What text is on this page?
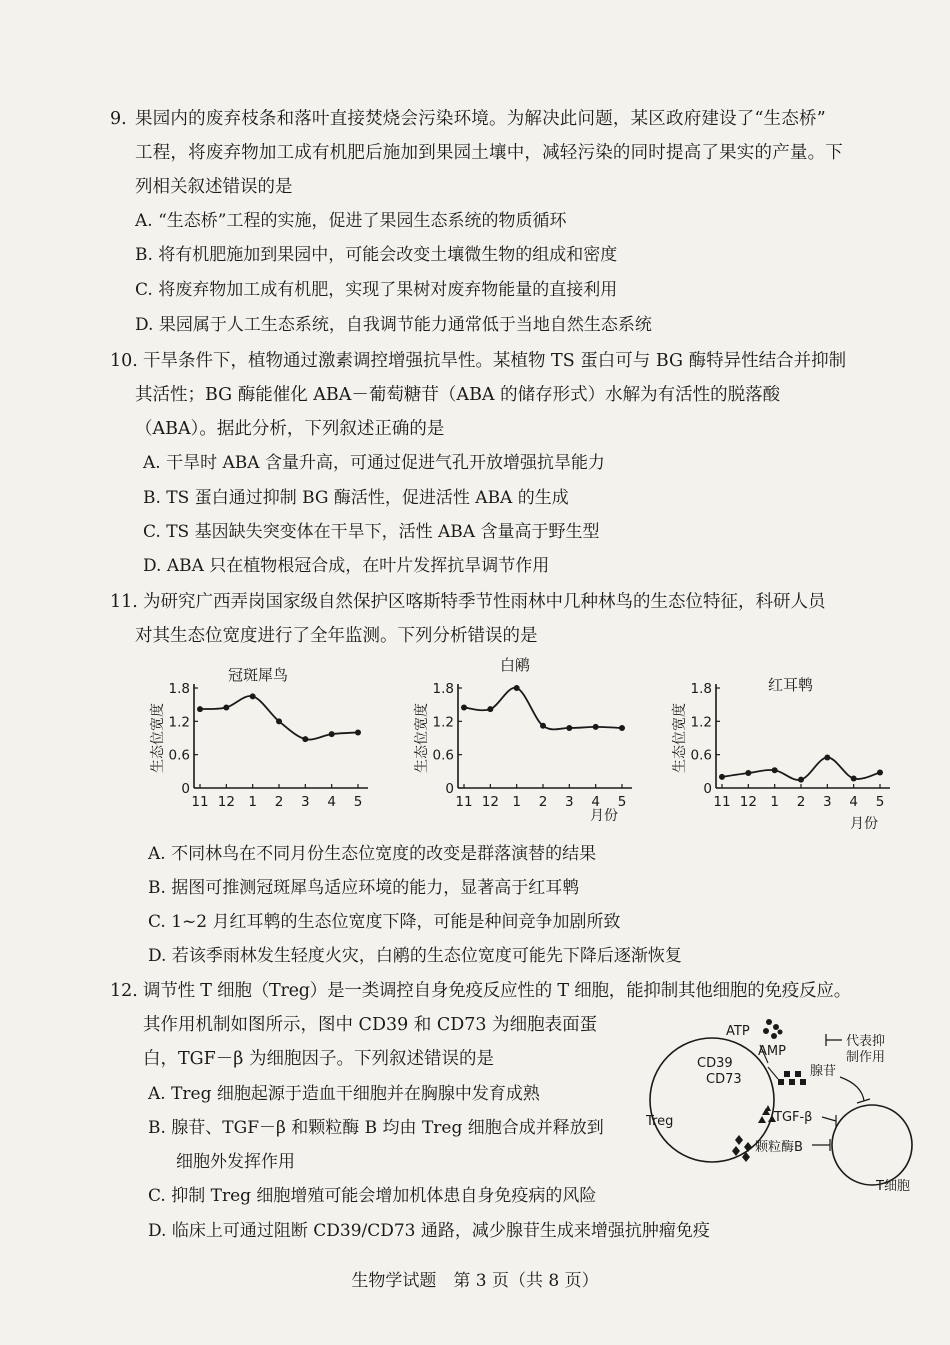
9. 果园内的废弃枝条和落叶直接焚烧会污染环境。为解决此问题，某区政府建设了“生态桥”
工程，将废弃物加工成有机肥后施加到果园土壤中，减轻污染的同时提高了果实的产量。下
列相关叙述错误的是
A. “生态桥”工程的实施，促进了果园生态系统的物质循环
B. 将有机肥施加到果园中，可能会改变土壤微生物的组成和密度
C. 将废弃物加工成有机肥，实现了果树对废弃物能量的直接利用
D. 果园属于人工生态系统，自我调节能力通常低于当地自然生态系统
10. 干旱条件下，植物通过激素调控增强抗旱性。某植物 TS 蛋白可与 BG 酶特异性结合并抑制
其活性；BG 酶能催化 ABA－葡萄糖苷（ABA 的储存形式）水解为有活性的脱落酸
（ABA）。据此分析，下列叙述正确的是
A. 干旱时 ABA 含量升高，可通过促进气孔开放增强抗旱能力
B. TS 蛋白通过抑制 BG 酶活性，促进活性 ABA 的生成
C. TS 基因缺失突变体在干旱下，活性 ABA 含量高于野生型
D. ABA 只在植物根冠合成，在叶片发挥抗旱调节作用
11. 为研究广西弄岗国家级自然保护区喀斯特季节性雨林中几种林鸟的生态位特征，科研人员
对其生态位宽度进行了全年监测。下列分析错误的是
0
0.6
1.2
1.8
11 12 1 2 3 4 5
冠斑犀鸟
生态位宽度
0
0.6
1.2
1.8
11 12 1 2 3 4 5
白鹇
生态位宽度
月份
0
0.6
1.2
1.8
11 12 1 2 3 4 5
红耳鹎
生态位宽度
月份
A. 不同林鸟在不同月份生态位宽度的改变是群落演替的结果
B. 据图可推测冠斑犀鸟适应环境的能力，显著高于红耳鹎
C. 1~2 月红耳鹎的生态位宽度下降，可能是种间竞争加剧所致
D. 若该季雨林发生轻度火灾，白鹇的生态位宽度可能先下降后逐渐恢复
12. 调节性 T 细胞（Treg）是一类调控自身免疫反应性的 T 细胞，能抑制其他细胞的免疫反应。
其作用机制如图所示，图中 CD39 和 CD73 为细胞表面蛋
白，TGF－β 为细胞因子。下列叙述错误的是
A. Treg 细胞起源于造血干细胞并在胸腺中发育成熟
B. 腺苷、TGF－β 和颗粒酶 B 均由 Treg 细胞合成并释放到
细胞外发挥作用
C. 抑制 Treg 细胞增殖可能会增加机体患自身免疫病的风险
D. 临床上可通过阻断 CD39/CD73 通路，减少腺苷生成来增强抗肿瘤免疫
CD39
CD73
ATP
AMP
腺苷
TGF-β
颗粒酶B
Treg
T细胞
代表抑
制作用
生物学试题　第 3 页（共 8 页）
